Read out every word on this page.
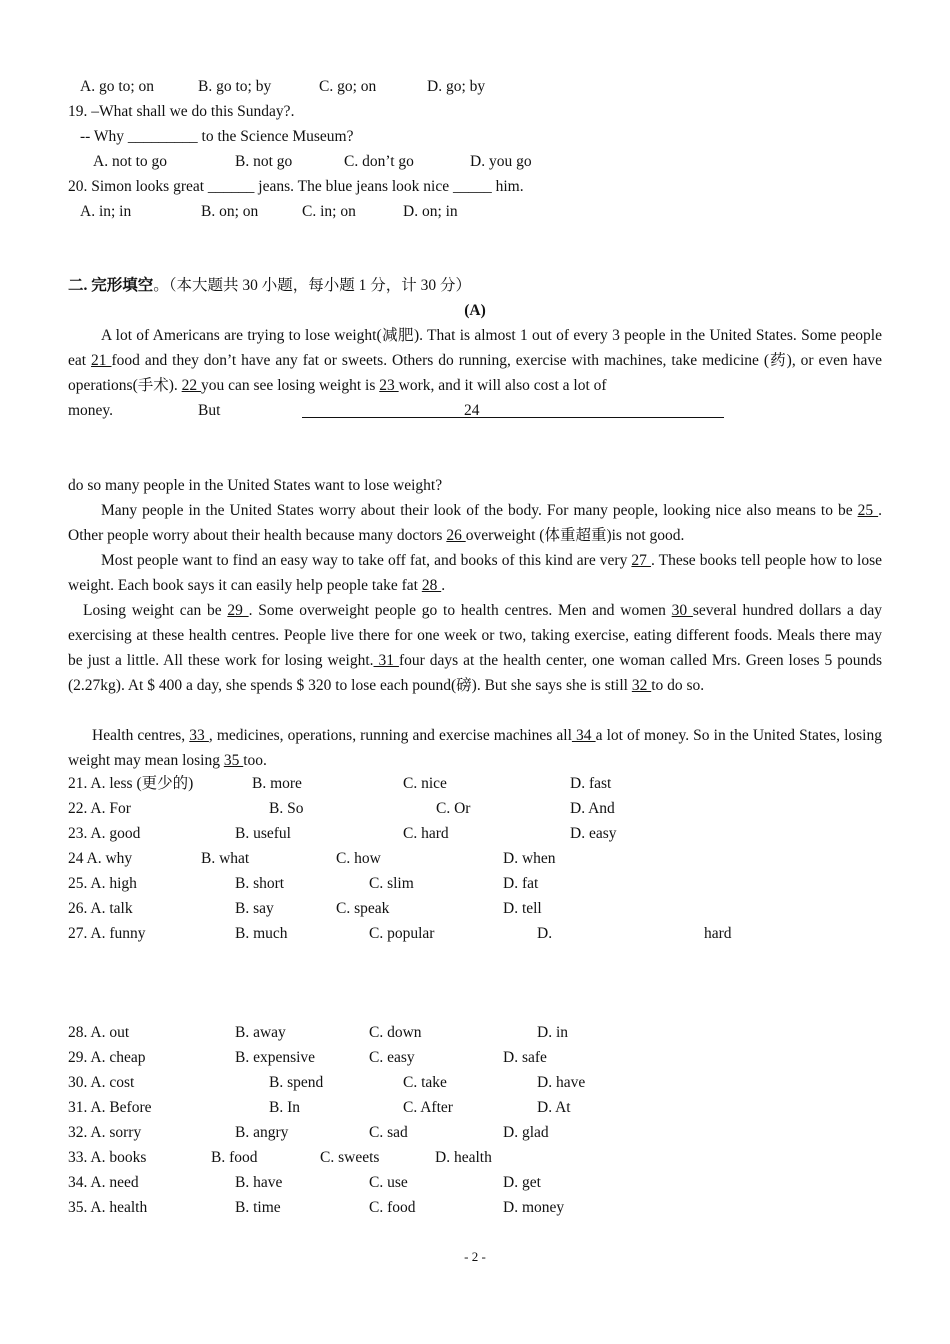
A. go to; on	B. go to; by	C. go; on	D. go; by
19. –What shall we do this Sunday?.
-- Why _________ to the Science Museum?
A. not to go	B. not go	C. don’t go	D. you go
20. Simon looks great ______ jeans. The blue jeans look nice _____ him.
A. in; in	B. on; on	C. in; on	D. on; in
二. 完形填空。（本大题共 30 小题，每小题 1 分，计 30 分）
(A)
A lot of Americans are trying to lose weight(减肥). That is almost 1 out of every 3 people in the United States. Some people eat 21 food and they don’t have any fat or sweets. Others do running, exercise with machines, take medicine (药), or even have operations(手术). 22 you can see losing weight is 23 work, and it will also cost a lot of
money.	But	24
do so many people in the United States want to lose weight?
Many people in the United States worry about their look of the body. For many people, looking nice also means to be 25 . Other people worry about their health because many doctors 26 overweight (体重超重)is not good.
Most people want to find an easy way to take off fat, and books of this kind are very 27 . These books tell people how to lose weight. Each book says it can easily help people take fat 28 .
Losing weight can be 29 . Some overweight people go to health centres. Men and women 30 several hundred dollars a day exercising at these health centres. People live there for one week or two, taking exercise, eating different foods. Meals there may be just a little. All these work for losing weight. 31 four days at the health center, one woman called Mrs. Green loses 5 pounds (2.27kg). At $ 400 a day, she spends $ 320 to lose each pound(磅). But she says she is still 32 to do so.
Health centres, 33 , medicines, operations, running and exercise machines all 34 a lot of money. So in the United States, losing weight may mean losing 35 too.
21. A. less (更少的)	B. more	C. nice	D. fast
22. A. For	B. So	C. Or	D. And
23. A. good	B. useful	C. hard	D. easy
24 A. why	B. what	C. how	D. when
25. A. high	B. short	C. slim	D. fat
26. A. talk	B. say	C. speak	D. tell
27. A. funny	B. much	C. popular	D.	hard
28. A. out	B. away	C. down	D. in
29. A. cheap	B. expensive	C. easy	D. safe
30. A. cost	B. spend	C. take	D. have
31. A. Before	B. In	C. After	D. At
32. A. sorry	B. angry	C. sad	D. glad
33. A. books	B. food	C. sweets	D. health
34. A. need	B. have	C. use	D. get
35. A. health	B. time	C. food	D. money
- 2 -
